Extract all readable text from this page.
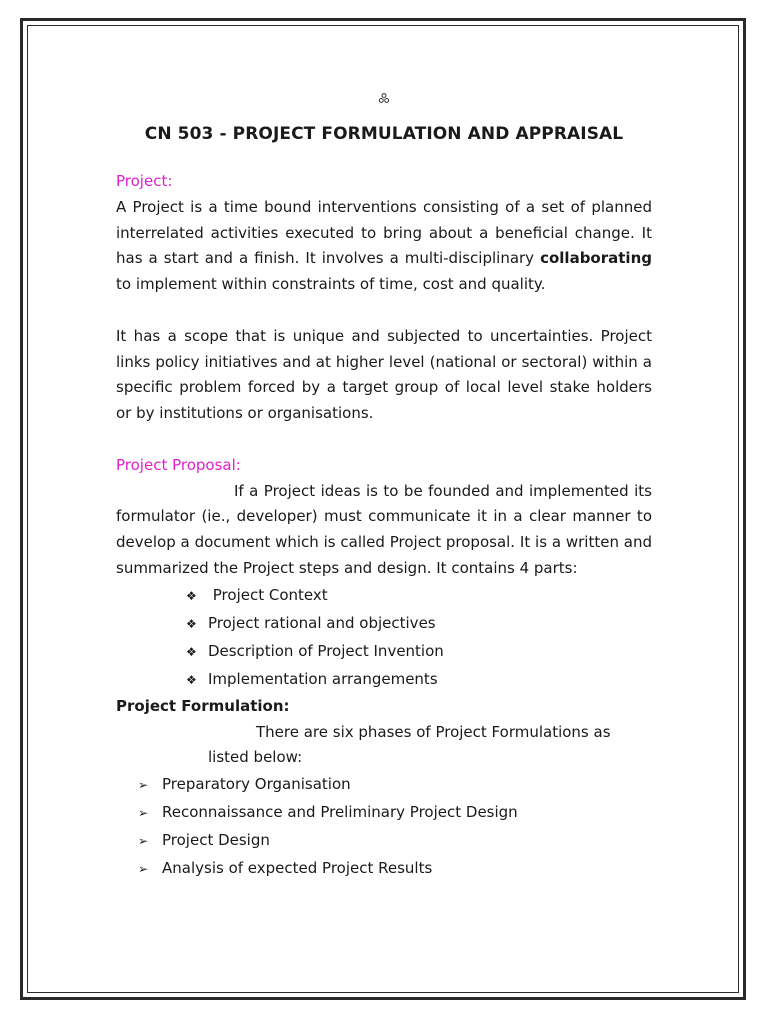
༜
CN 503 - PROJECT FORMULATION AND APPRAISAL
Project:

A Project is a time bound interventions consisting of a set of planned interrelated activities executed to bring about a beneficial change. It has a start and a finish. It involves a multi-disciplinary collaborating to implement within constraints of time, cost and quality.

It has a scope that is unique and subjected to uncertainties. Project links policy initiatives and at higher level (national or sectoral) within a specific problem forced by a target group of local level stake holders or by institutions or organisations.

Project Proposal:

If a Project ideas is to be founded and implemented its formulator (ie., developer) must communicate it in a clear manner to develop a document which is called Project proposal. It is a written and summarized the Project steps and design. It contains 4 parts:

❖ Project Context
❖ Project rational and objectives
❖ Description of Project Invention
❖ Implementation arrangements
Project Formulation:

There are six phases of Project Formulations as

listed below:

➢ Preparatory Organisation
➢ Reconnaissance and Preliminary Project Design
➢ Project Design
➢ Analysis of expected Project Results
